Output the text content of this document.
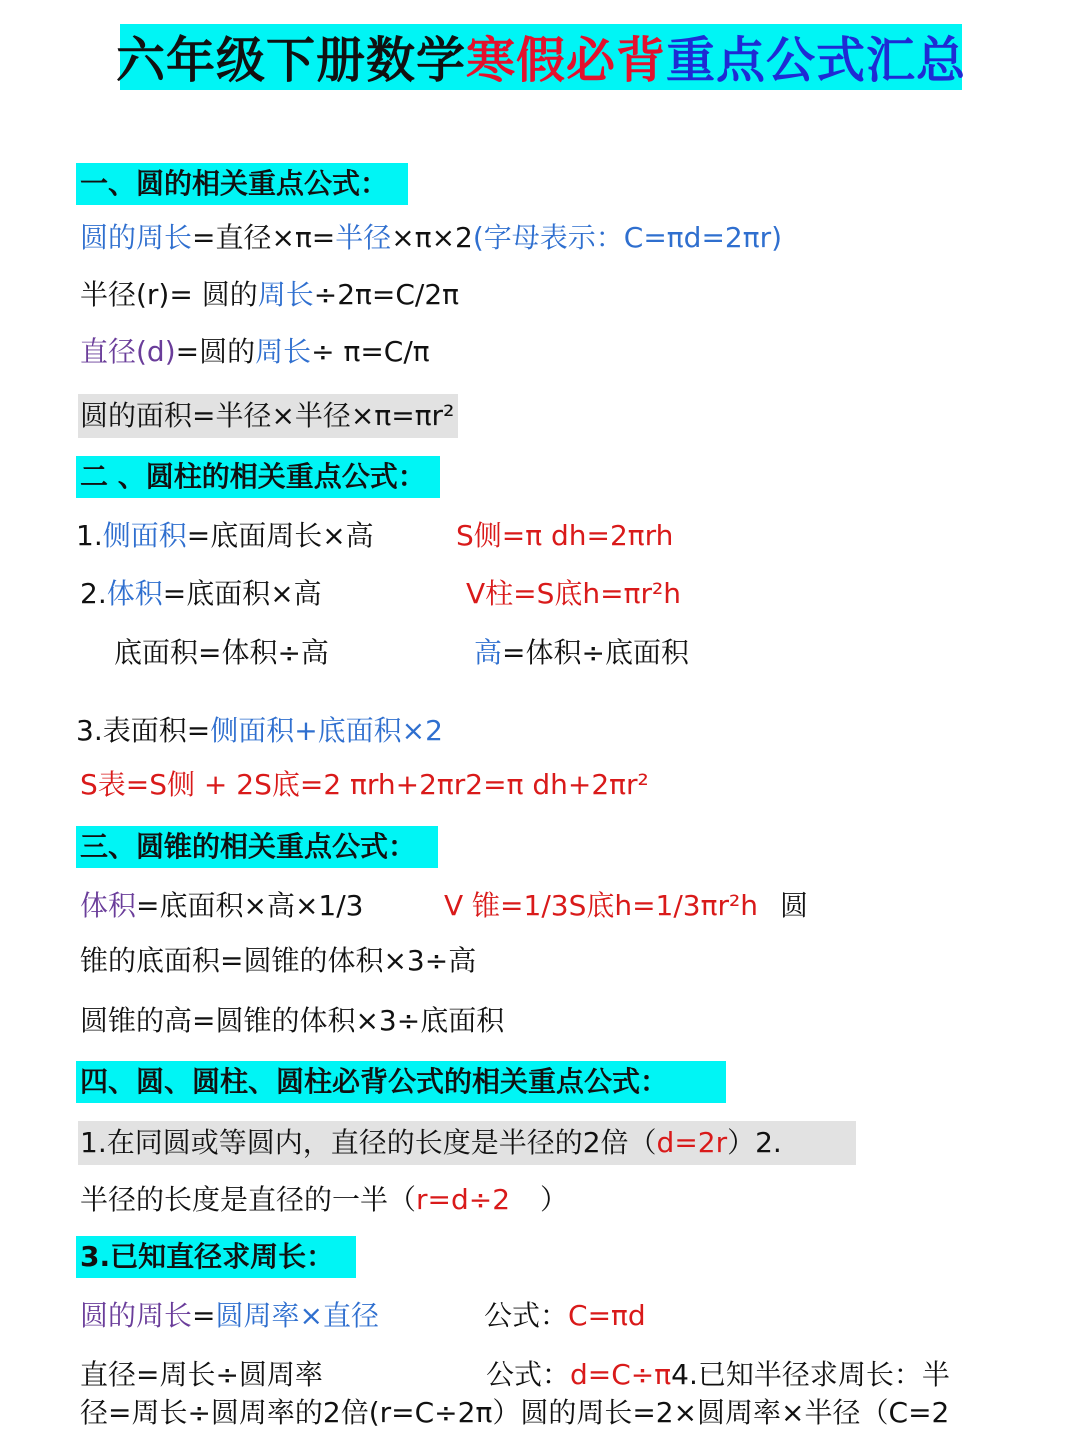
六年级下册数学 寒假必背 重点公式汇总
一、圆的相关重点公式：
圆的周长=直径×π=半径×π×2(字母表示：C=πd=2πr)
半径(r)= 圆的周长÷2π=C/2π
直径(d)=圆的周长÷ π=C/π
圆的面积=半径×半径×π=πr²
二 、圆柱的相关重点公式：
1.侧面积=底面周长×高	S侧=π dh=2πrh
2.体积=底面积×高	V柱=S底h=πr²h
底面积=体积÷高	高=体积÷底面积
3.表面积=侧面积+底面积×2
S表=S侧 + 2S底=2 πrh+2πr2=π dh+2πr²
三、圆锥的相关重点公式：
体积=底面积×高×1/3	V 锥=1/3S底h=1/3πr²h 圆
锥的底面积=圆锥的体积×3÷高
圆锥的高=圆锥的体积×3÷底面积
四、圆、圆柱、圆柱必背公式的相关重点公式：
1.在同圆或等圆内，直径的长度是半径的2倍（d=2r）2.
半径的长度是直径的一半（r=d÷2 ）
3.已知直径求周长：
圆的周长=圆周率×直径	公式：C=πd
直径=周长÷圆周率	公式：d=C÷π4.已知半径求周长：半
径=周长÷圆周率的2倍(r=C÷2π）圆的周长=2×圆周率×半径（C=2
